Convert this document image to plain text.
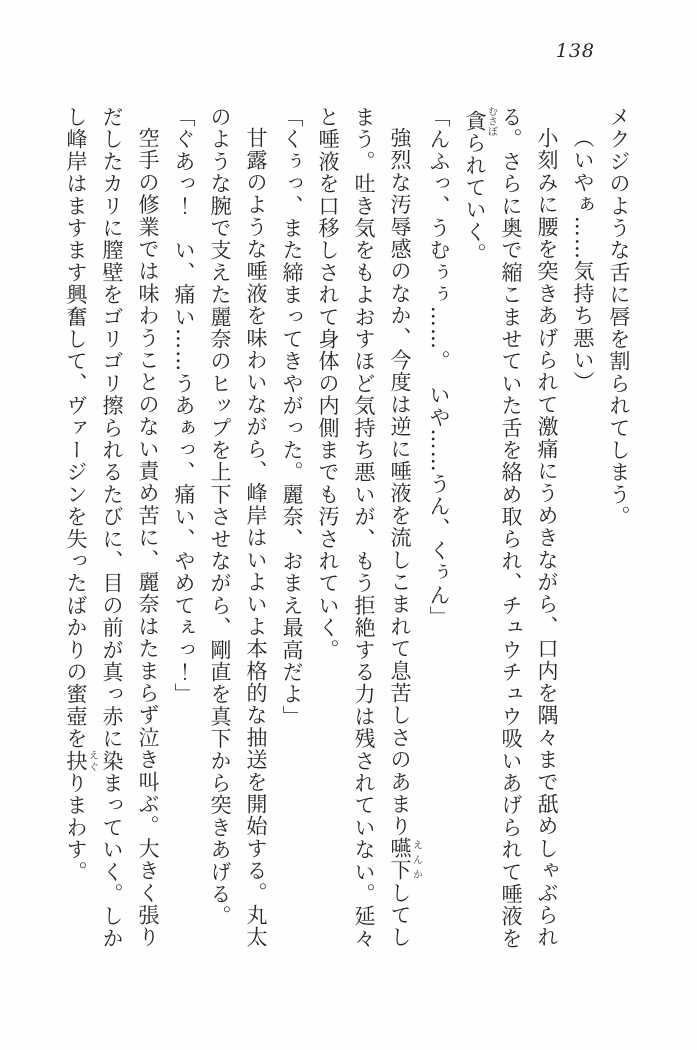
138

メクジのような舌に唇を割られてしまう。

（いやぁ……気持ち悪い）

小刻みに腰を突きあげられて激痛にうめきながら、口内を隅々まで舐めしゃぶられる。さらに奥で縮こませていた舌を絡め取られ、チュウチュウ吸いあげられて唾液を貪むさぼられていく。

「んふっ、うむぅぅ……。　いや……うん、くぅん」

強烈な汚辱感のなか、今度は逆に唾液を流しこまれて息苦しさのあまり嚥下えんかしてしまう。吐き気をもよおすほど気持ち悪いが、もう拒絶する力は残されていない。延々と唾液を口移しされて身体の内側までも汚されていく。

「くぅっ、また締まってきやがった。麗奈、おまえ最高だよ」

甘露のような唾液を味わいながら、峰岸はいよいよ本格的な抽送を開始する。丸太のような腕で支えた麗奈のヒップを上下させながら、剛直を真下から突きあげる。

「ぐあっ！　い、痛い……うあぁっ、痛い、やめてぇっ！」

空手の修業では味わうことのない責め苦に、麗奈はたまらず泣き叫ぶ。大きく張りだしたカリに膣壁をゴリゴリ擦られるたびに、目の前が真っ赤に染まっていく。しかし峰岸はますます興奮して、ヴァージンを失ったばかりの蜜壺を抉えぐりまわす。
